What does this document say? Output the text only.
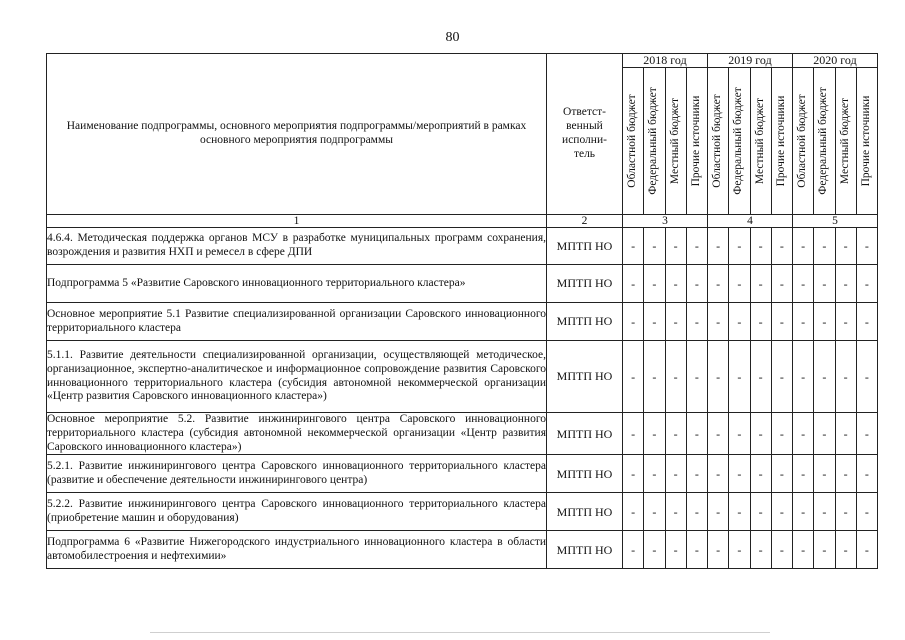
80
Наименование подпрограммы, основного мероприятия подпрограммы/мероприятий в рамках основного мероприятия подпрограммы	Ответст-венный исполни-тель	2018 год				2019 год				2020 год			

		Областной бюджет	Федеральный бюджет	Местный бюджет	Прочие источники	Областной бюджет	Федеральный бюджет	Местный бюджет	Прочие источники	Областной бюджет	Федеральный бюджет	Местный бюджет	Прочие источники

1	2	3				4				5			
4.6.4. Методическая поддержка органов МСУ в разработке муниципальных программ сохранения, возрождения и развития НХП и ремесел в сфере ДПИ	МПТП НО	-	-	-	-	-	-	-	-	-	-	-	-
Подпрограмма 5 «Развитие Саровского инновационного территориального кластера»	МПТП НО	-	-	-	-	-	-	-	-	-	-	-	-
Основное мероприятие 5.1 Развитие специализированной организации Саровского инновационного территориального кластера	МПТП НО	-	-	-	-	-	-	-	-	-	-	-	-
5.1.1. Развитие деятельности специализированной организации, осуществляющей методическое, организационное, экспертно-аналитическое и информационное сопровождение развития Саровского инновационного территориального кластера (субсидия автономной некоммерческой организации «Центр развития Саровского инновационного кластера»)	МПТП НО	-	-	-	-	-	-	-	-	-	-	-	-
Основное мероприятие 5.2. Развитие инжинирингового центра Саровского инновационного территориального кластера (субсидия автономной некоммерческой организации «Центр развития Саровского инновационного кластера»)	МПТП НО	-	-	-	-	-	-	-	-	-	-	-	-
5.2.1. Развитие инжинирингового центра Саровского инновационного территориального кластера (развитие и обеспечение деятельности инжинирингового центра)	МПТП НО	-	-	-	-	-	-	-	-	-	-	-	-
5.2.2. Развитие инжинирингового центра Саровского инновационного территориального кластера (приобретение машин и оборудования)	МПТП НО	-	-	-	-	-	-	-	-	-	-	-	-
Подпрограмма 6 «Развитие Нижегородского индустриального инновационного кластера в области автомобилестроения и нефтехимии»	МПТП НО	-	-	-	-	-	-	-	-	-	-	-	-
